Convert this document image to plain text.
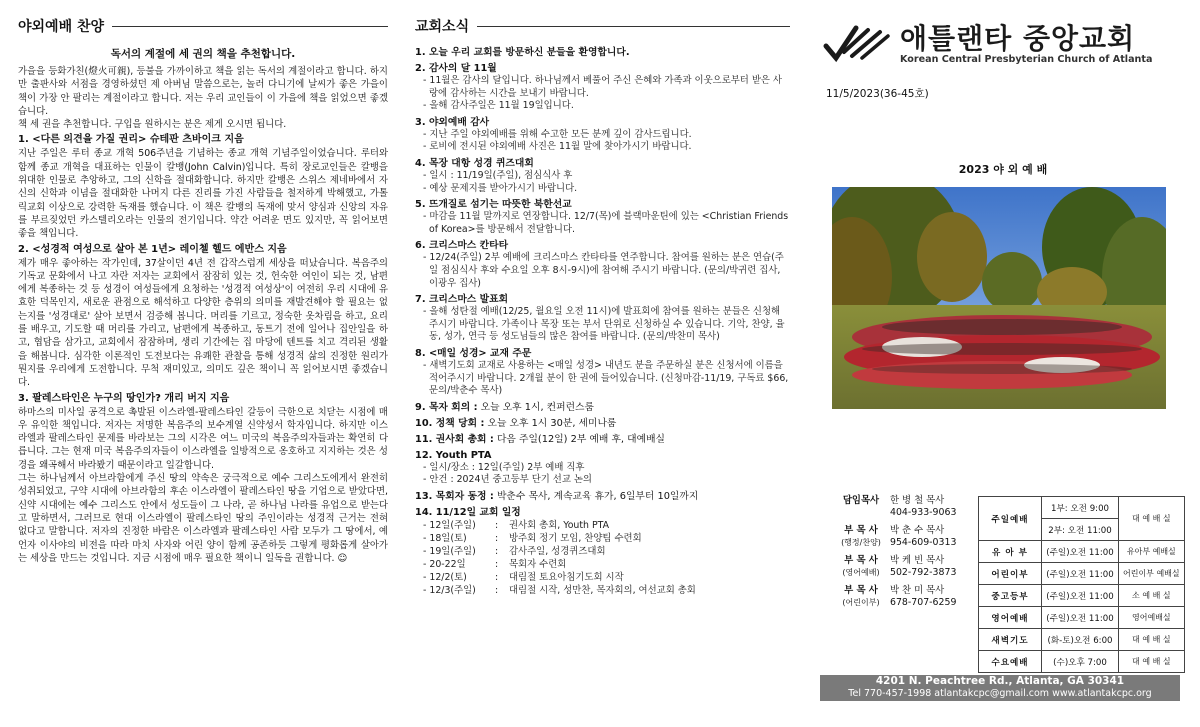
야외예배 찬양
독서의 계절에 세 권의 책을 추천합니다.

가을을 등화가친(燈火可親), 등불을 가까이하고 책을 읽는 독서의 계절이라고 합니다. 하지만 출판사와 서점을 경영하셨던 제 아버님 말씀으로는, 놀러 다니기에 날씨가 좋은 가을이 책이 가장 안 팔리는 계절이라고 합니다. 저는 우리 교인들이 이 가을에 책을 읽었으면 좋겠습니다.

책 세 권을 추천합니다. 구입을 원하시는 분은 제게 오시면 됩니다.

1. <다른 의견을 가질 권리> 슈테판 츠바이크 지음

지난 주일은 루터 종교 개혁 506주년을 기념하는 종교 개혁 기념주일이었습니다. 루터와 함께 종교 개혁을 대표하는 인물이 칼뱅(John Calvin)입니다. 특히 장로교인들은 칼뱅을 위대한 인물로 추앙하고, 그의 신학을 절대화합니다. 하지만 칼뱅은 스위스 제네바에서 자신의 신학과 이념을 절대화한 나머지 다른 진리를 가진 사람들을 철저하게 박해했고, 가톨릭교회 이상으로 강력한 독재를 했습니다. 이 책은 칼뱅의 독재에 맞서 양심과 신앙의 자유를 부르짖었던 카스텔리오라는 인물의 전기입니다. 약간 어려운 면도 있지만, 꼭 읽어보면 좋을 책입니다.

2. <성경적 여성으로 살아 본 1년> 레이첼 헬드 에반스 지음

제가 매우 좋아하는 작가인데, 37살이던 4년 전 갑작스럽게 세상을 떠났습니다. 복음주의 기독교 문화에서 나고 자란 저자는 교회에서 잠잠히 있는 것, 헌숙한 여인이 되는 것, 남편에게 복종하는 것 등 성경이 여성들에게 요청하는 '성경적 여성상'이 여전히 우리 시대에 유효한 덕목인지, 새로운 관점으로 해석하고 다양한 층위의 의미를 재발견해야 할 필요는 없는지를 '성경대로' 살아 보면서 검증해 봅니다. 머리를 기르고, 정숙한 옷차림을 하고, 요리를 배우고, 기도할 때 머리를 가리고, 남편에게 복종하고, 동트기 전에 일어나 집안일을 하고, 협담을 삼가고, 교회에서 잠잠하며, 생리 기간에는 집 마당에 텐트를 치고 격리된 생활을 해봅니다. 심각한 이론적인 도전보다는 유쾌한 관찰을 통해 성경적 삶의 진정한 원리가 뭔지를 우리에게 도전합니다. 무척 재미있고, 의미도 깊은 책이니 꼭 읽어보시면 좋겠습니다.

3. 팔레스타인은 누구의 땅인가? 개리 버지 지음

하마스의 미사일 공격으로 촉발된 이스라엘-팔레스타인 갈등이 극한으로 치닫는 시점에 매우 유익한 책입니다. 저자는 저명한 복음주의 보수계열 신약성서 학자입니다. 하지만 이스라엘과 팔레스타인 문제를 바라보는 그의 시각은 여느 미국의 복음주의자들과는 확연히 다릅니다. 그는 현재 미국 복음주의자들이 이스라엘을 일방적으로 옹호하고 지지하는 것은 성경을 왜곡해서 바라봤기 때문이라고 일갈합니다.

그는 하나님께서 아브라함에게 주신 땅의 약속은 궁극적으로 예수 그리스도에게서 완전히 성취되었고, 구약 시대에 아브라함의 후손 이스라엘이 팔레스타인 땅을 기업으로 받았다면, 신약 시대에는 예수 그리스도 안에서 성도들이 그 나라, 곧 하나님 나라를 유업으로 받는다고 말하면서, 그러므로 현대 이스라엘이 팔레스타인 땅의 주인이라는 성경적 근거는 전혀 없다고 말합니다. 저자의 진정한 바람은 이스라엘과 팔레스타인 사람 모두가 그 땅에서, 예언자 이사야의 비전을 따라 마치 사자와 어린 양이 함께 공존하듯 그렇게 평화롭게 살아가는 세상을 만드는 것입니다. 지금 시점에 매우 필요한 책이니 일독을 권합니다. ☺

교회소식
1. 오늘 우리 교회를 방문하신 분들을 환영합니다.
2. 감사의 달 11월
- 11월은 감사의 달입니다. 하나님께서 베풀어 주신 은혜와 가족과 이웃으로부터 받은 사랑에 감사하는 시간을 보내기 바랍니다.
- 올해 감사주일은 11월 19일입니다.
3. 야외예배 감사
- 지난 주일 야외예배를 위해 수고한 모든 분께 깊이 감사드립니다.
- 로비에 전시된 야외예배 사진은 11월 말에 찾아가시기 바랍니다.
4. 목장 대항 성경 퀴즈대회
- 일시 : 11/19일(주일), 점심식사 후
- 예상 문제지를 받아가시기 바랍니다.
5. 뜨개질로 섬기는 따뜻한 북한선교
- 마감을 11월 말까지로 연장합니다. 12/7(목)에 블랙마운틴에 있는 <Christian Friends of Korea>를 방문해서 전달합니다.
6. 크리스마스 칸타타
- 12/24(주일) 2부 예배에 크리스마스 칸타타를 연주합니다. 참여를 원하는 분은 연습(주일 점심식사 후와 수요일 오후 8시-9시)에 참여해 주시기 바랍니다. (문의/박귀련 집사, 이광우 집사)
7. 크리스마스 발표회
- 올해 성탄절 예배(12/25, 월요일 오전 11시)에 발표회에 참여를 원하는 분들은 신청해 주시기 바랍니다. 가족이나 목장 또는 부서 단위로 신청하실 수 있습니다. 기악, 찬양, 율동, 성가, 연극 등 성도님들의 많은 참여를 바랍니다. (문의/박찬미 목사)
8. <매일 성경> 교재 주문
- 새벽기도회 교재로 사용하는 <매일 성경> 내년도 분을 주문하실 분은 신청서에 이름을 적어주시기 바랍니다. 2개월 분이 한 권에 들어있습니다. (신청마감-11/19, 구독료 $66, 문의/박춘수 목사)
9. 목자 회의 : 오늘 오후 1시, 컨퍼런스룸
10. 정책 당회 : 오늘 오후 1시 30분, 세미나룸
11. 권사회 총회 : 다음 주일(12일) 2부 예배 후, 대예배실
12. Youth PTA
- 일시/장소 : 12일(주일) 2부 예배 직후
- 안건 : 2024년 중고등부 단기 선교 논의
13. 목회자 동정 : 박춘수 목사, 계속교육 휴가, 6일부터 10일까지
14. 11/12일 교회 일정
- 12일(주일)	:	권사회 총회, Youth PTA
- 18일(토)	:	방주회 정기 모임, 찬양팀 수련회
- 19일(주일)	:	감사주일, 성경퀴즈대회
- 20-22일	:	목회자 수련회
- 12/2(토)	:	대림절 토요아침기도회 시작
- 12/3(주일)	:	대림절 시작, 성만찬, 목자회의, 여선교회 총회
애틀랜타 중앙교회
Korean Central Presbyterian Church of Atlanta
11/5/2023(36-45호)
2023 야 외 예 배
담임목사	한 병 철 목사
404-933-9063
부 목 사
(행정/찬양)
박 춘 수 목사
954-609-0313
부 목 사
(영어예배)
박 케 빈 목사
502-792-3873
부 목 사
(어린이부)
박 찬 미 목사
678-707-6259
주일예배	1부: 오전 9:00	대 예 배 실
	2부: 오전 11:00	
유 아 부	(주일)오전 11:00	유아부 예배실
어린이부	(주일)오전 11:00	어린이부 예배실
중고등부	(주일)오전 11:00	소 예 배 실
영어예배	(주일)오전 11:00	영어예배실
새벽기도	(화-토)오전 6:00	대 예 배 실
수요예배	(수)오후 7:00	대 예 배 실
4201 N. Peachtree Rd., Atlanta, GA 30341
Tel 770-457-1998 atlantakcpc@gmail.com www.atlantakcpc.org
